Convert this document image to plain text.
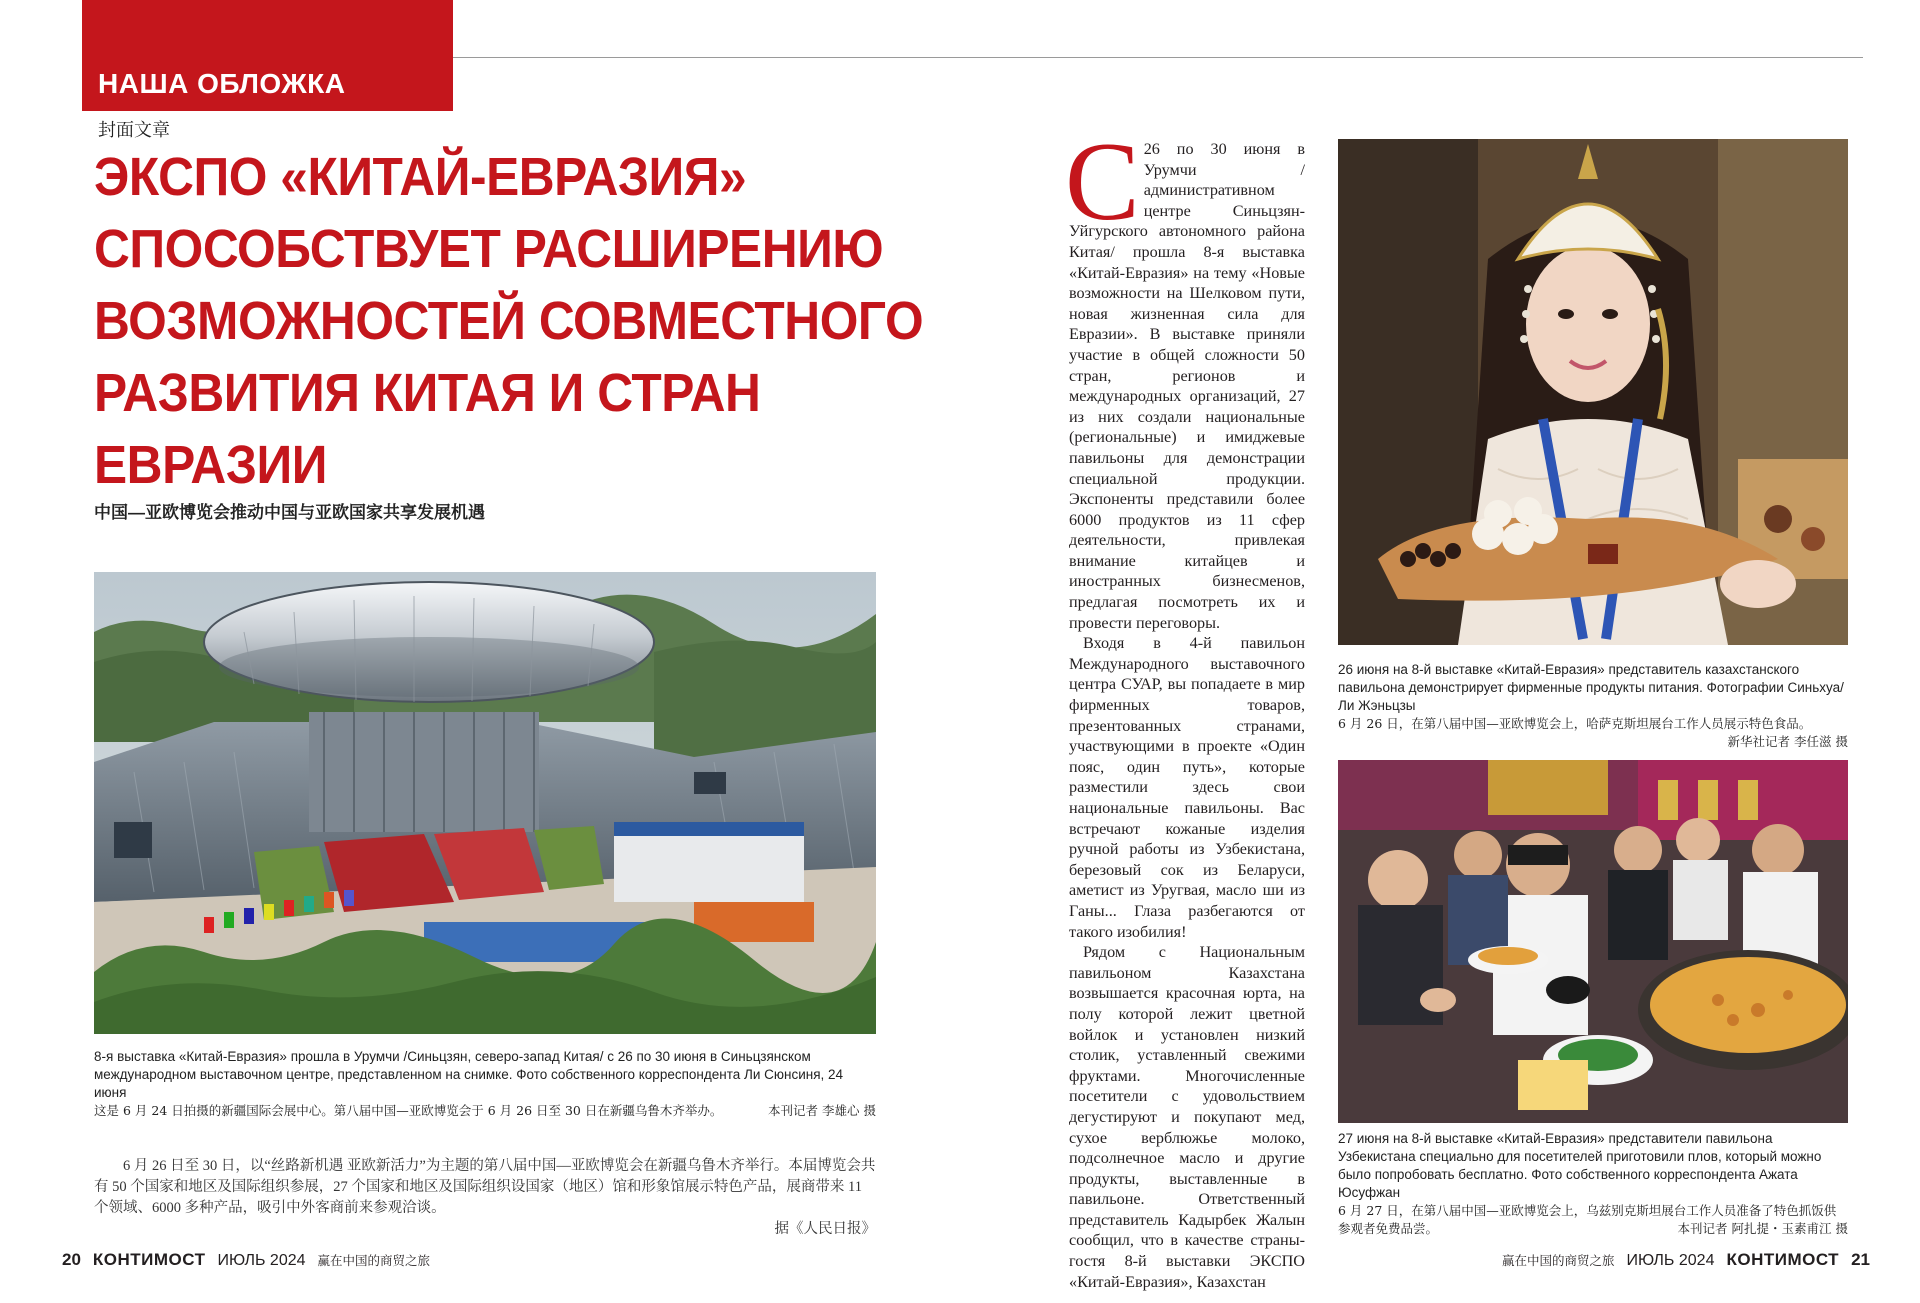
НАША ОБЛОЖКА
封面文章
ЭКСПО «КИТАЙ-ЕВРАЗИЯ»
СПОСОБСТВУЕТ РАСШИРЕНИЮ
ВОЗМОЖНОСТЕЙ СОВМЕСТНОГО
РАЗВИТИЯ КИТАЯ И СТРАН
ЕВРАЗИИ
中国—亚欧博览会推动中国与亚欧国家共享发展机遇
8-я выставка «Китай-Евразия» прошла в Урумчи /Синьцзян, северо-запад Китая/ с 26 по 30 июня в Синьцзянском международном выставочном центре, представленном на снимке. Фото собственного корреспондента Ли Сюнсиня, 24 июня
这是 6 月 24 日拍摄的新疆国际会展中心。第八届中国—亚欧博览会于 6 月 26 日至 30 日在新疆乌鲁木齐举办。	本刊记者 李雄心 摄
6 月 26 日至 30 日，以“丝路新机遇 亚欧新活力”为主题的第八届中国—亚欧博览会在新疆乌鲁木齐举行。本届博览会共有 50 个国家和地区及国际组织参展，27 个国家和地区及国际组织设国家（地区）馆和形象馆展示特色产品，展商带来 11 个领域、6000 多种产品，吸引中外客商前来参观洽谈。
据《人民日报》
С 26 по 30 июня в Урумчи /административном центре Синьцзян-Уйгурского автономного района Китая/ прошла 8-я выставка «Китай-Евразия» на тему «Новые возможности на Шелковом пути, новая жизненная сила для Евразии». В выставке приняли участие в общей сложности 50 стран, регионов и международных организаций, 27 из них создали национальные (региональные) и имиджевые павильоны для демонстрации специальной продукции. Экспоненты представили более 6000 продуктов из 11 сфер деятельности, привлекая внимание китайцев и иностранных бизнесменов, предлагая посмотреть их и провести переговоры.

Входя в 4-й павильон Международного выставочного центра СУАР, вы попадаете в мир фирменных товаров, презентованных странами, участвующими в проекте «Один пояс, один путь», которые разместили здесь свои национальные павильоны. Вас встречают кожаные изделия ручной работы из Узбекистана, березовый сок из Беларуси, аметист из Уругвая, масло ши из Ганы... Глаза разбегаются от такого изобилия!

Рядом с Национальным павильоном Казахстана возвышается красочная юрта, на полу которой лежит цветной войлок и установлен низкий столик, уставленный свежими фруктами. Многочисленные посетители с удовольствием дегустируют и покупают мед, сухое верблюжье молоко, подсолнечное масло и другие продукты, выставленные в павильоне. Ответственный представитель Кадырбек Жалын сообщил, что в качестве страны-гостя 8-й выставки ЭКСПО «Китай-Евразия», Казахстан

26 июня на 8-й выставке «Китай-Евразия» представитель казахстанского павильона демонстрирует фирменные продукты питания. Фотографии Синьхуа/ Ли Жэньцзы
6 月 26 日，在第八届中国—亚欧博览会上，哈萨克斯坦展台工作人员展示特色食品。
新华社记者 李任滋 摄
27 июня на 8-й выставке «Китай-Евразия» представители павильона Узбекистана специально для посетителей приготовили плов, который можно было попробовать бесплатно. Фото собственного корреспондента Ажата Юсуфжан
6 月 27 日，在第八届中国—亚欧博览会上，乌兹别克斯坦展台工作人员准备了特色抓饭供参观者免费品尝。	本刊记者 阿扎提・玉素甫江 摄
20 КОНТИМОСТ ИЮЛЬ 2024 赢在中国的商贸之旅	赢在中国的商贸之旅 ИЮЛЬ 2024 КОНТИМОСТ 21
